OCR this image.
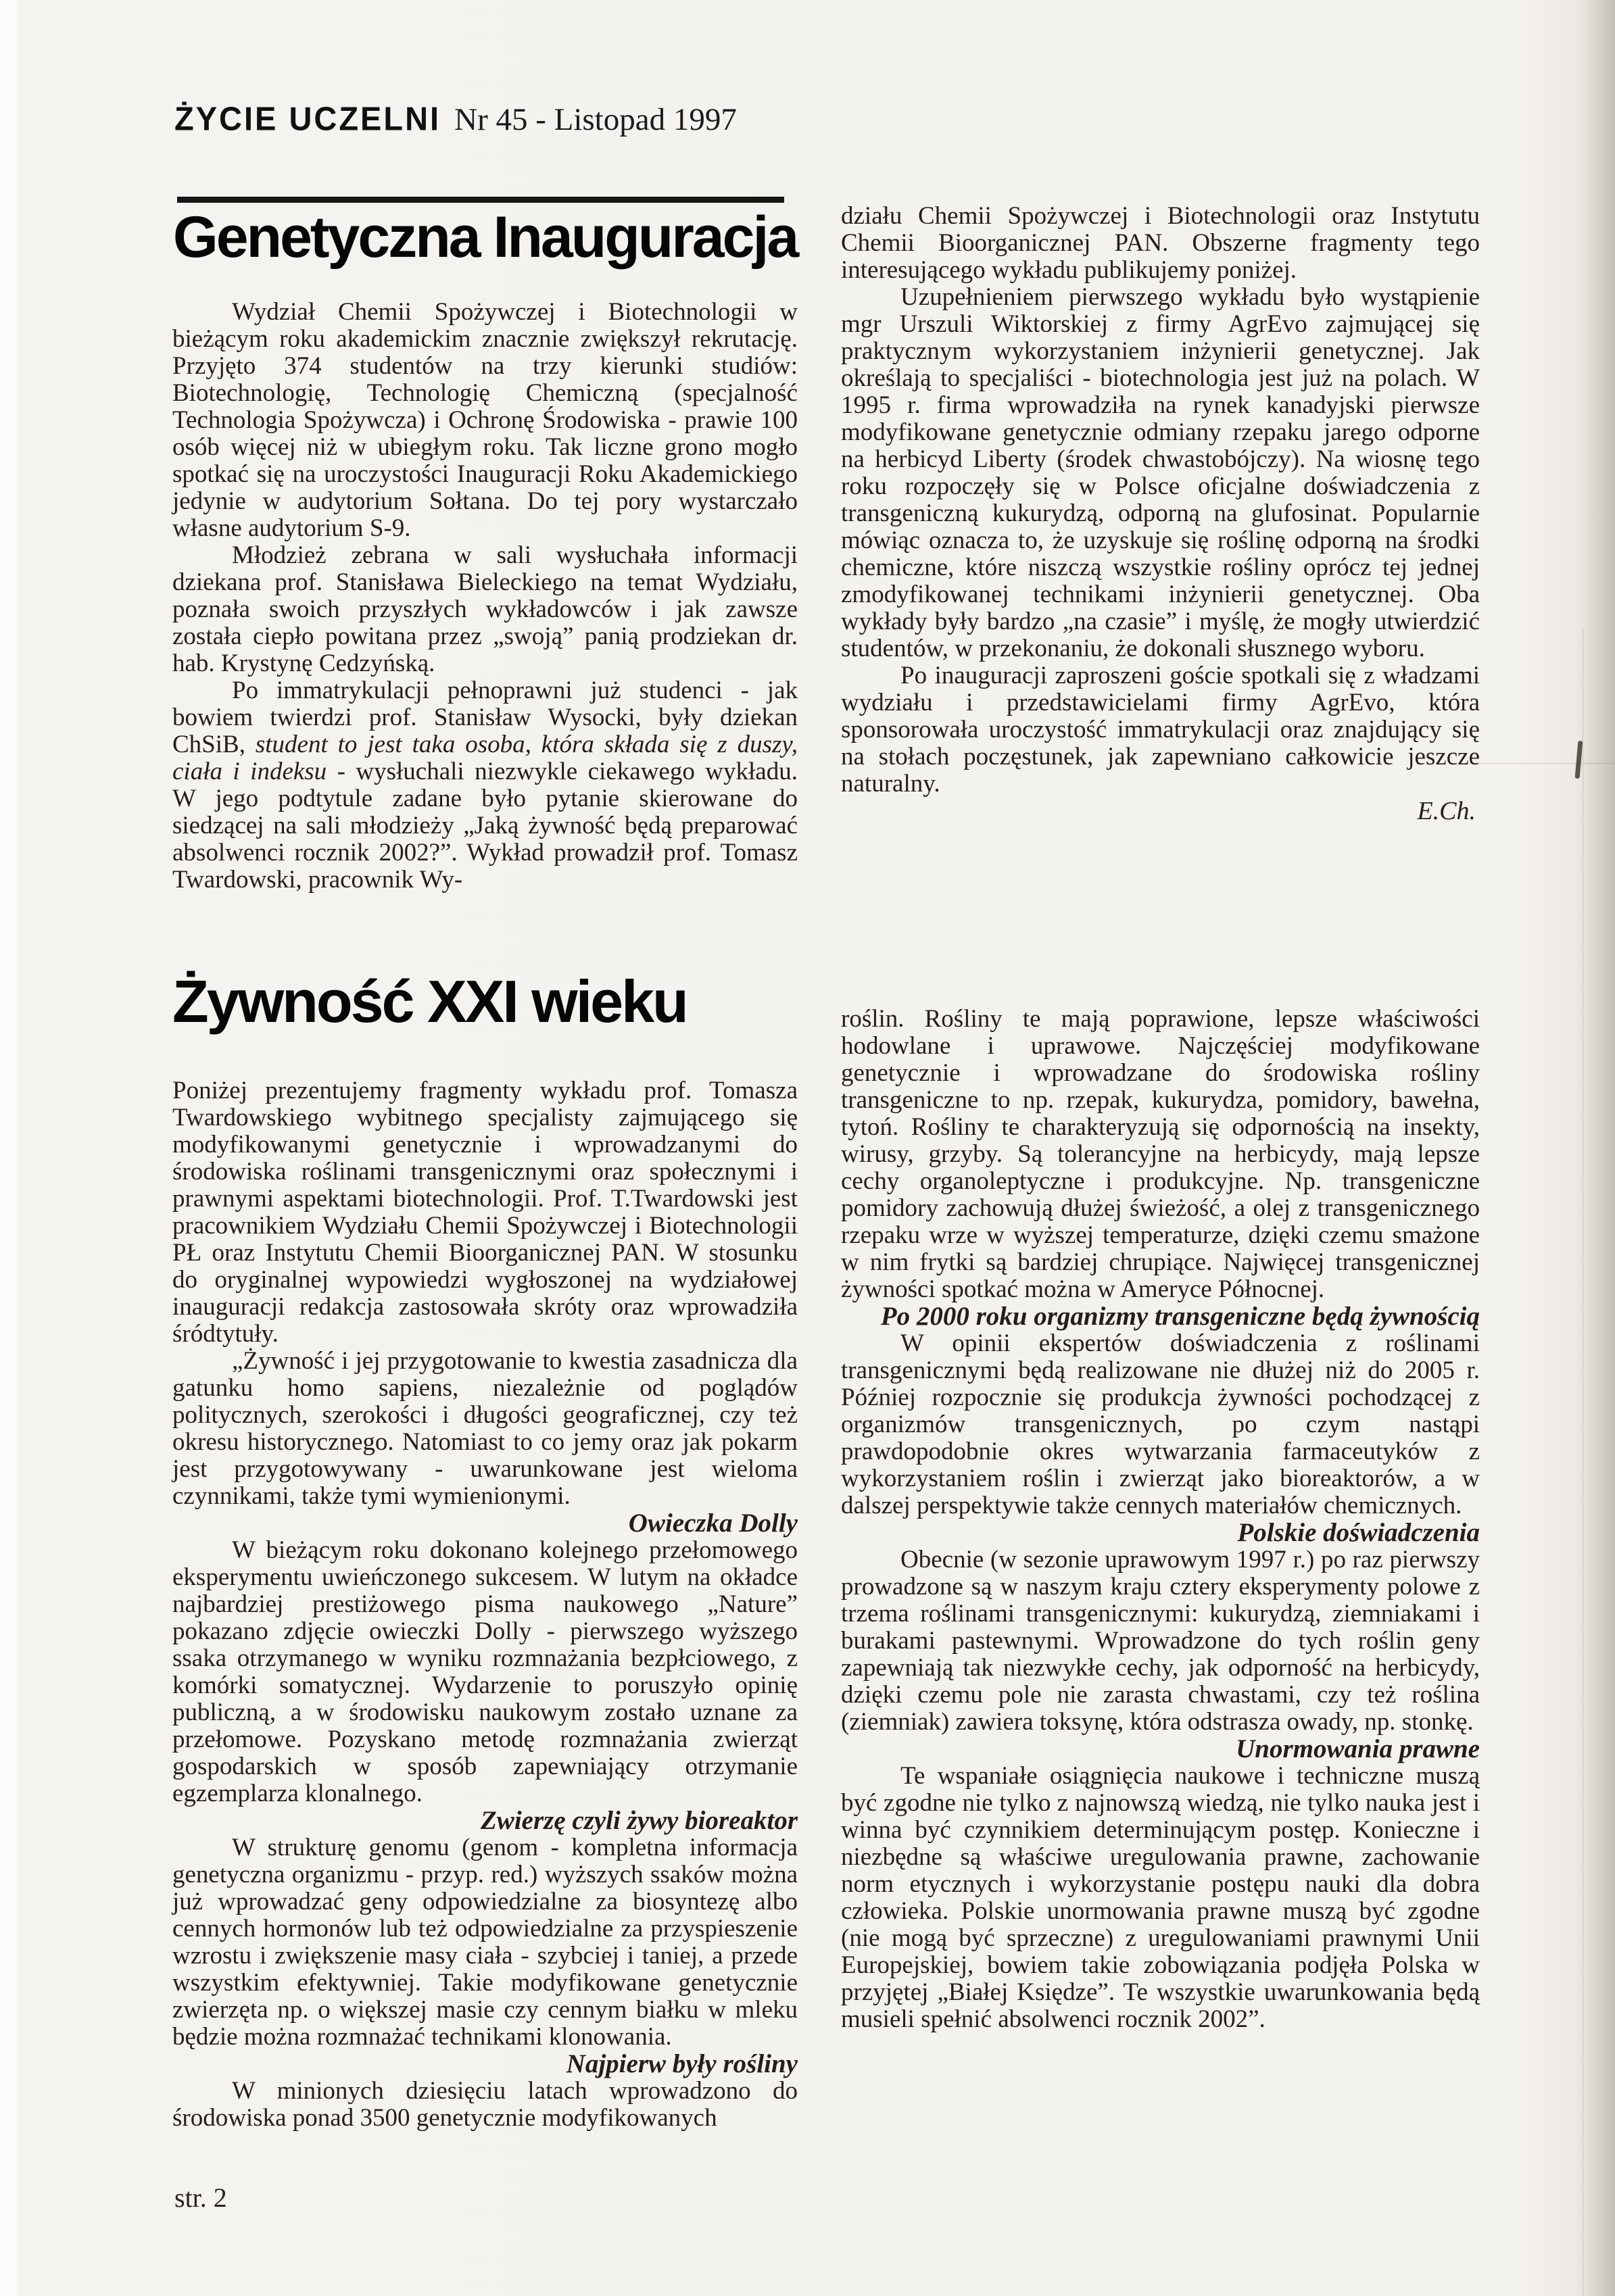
ŻYCIE UCZELNI Nr 45 - Listopad 1997
Genetyczna Inauguracja

Wydział Chemii Spożywczej i Biotechnologii w bieżącym roku akademickim znacznie zwiększył rekrutację. Przyjęto 374 studentów na trzy kierunki studiów: Biotechnologię, Technologię Chemiczną (specjalność Technologia Spożywcza) i Ochronę Środowiska - prawie 100 osób więcej niż w ubiegłym roku. Tak liczne grono mogło spotkać się na uroczystości Inauguracji Roku Akademickiego jedynie w audytorium Sołtana. Do tej pory wystarczało własne audytorium S-9.

Młodzież zebrana w sali wysłuchała informacji dziekana prof. Stanisława Bieleckiego na temat Wydziału, poznała swoich przyszłych wykładowców i jak zawsze została ciepło powitana przez „swoją” panią prodziekan dr. hab. Krystynę Cedzyńską.

Po immatrykulacji pełnoprawni już studenci - jak bowiem twierdzi prof. Stanisław Wysocki, były dziekan ChSiB, student to jest taka osoba, która składa się z duszy, ciała i indeksu - wysłuchali niezwykle ciekawego wykładu. W jego podtytule zadane było pytanie skierowane do siedzącej na sali młodzieży „Jaką żywność będą preparować absolwenci rocznik 2002?”. Wykład prowadził prof. Tomasz Twardowski, pracownik Wy-

działu Chemii Spożywczej i Biotechnologii oraz Instytutu Chemii Bioorganicznej PAN. Obszerne fragmenty tego interesującego wykładu publikujemy poniżej.

Uzupełnieniem pierwszego wykładu było wystąpienie mgr Urszuli Wiktorskiej z firmy AgrEvo zajmującej się praktycznym wykorzystaniem inżynierii genetycznej. Jak określają to specjaliści - biotechnologia jest już na polach. W 1995 r. firma wprowadziła na rynek kanadyjski pierwsze modyfikowane genetycznie odmiany rzepaku jarego odporne na herbicyd Liberty (środek chwastobójczy). Na wiosnę tego roku rozpoczęły się w Polsce oficjalne doświadczenia z transgeniczną kukurydzą, odporną na glufosinat. Popularnie mówiąc oznacza to, że uzyskuje się roślinę odporną na środki chemiczne, które niszczą wszystkie rośliny oprócz tej jednej zmodyfikowanej technikami inżynierii genetycznej. Oba wykłady były bardzo „na czasie” i myślę, że mogły utwierdzić studentów, w przekonaniu, że dokonali słusznego wyboru.

Po inauguracji zaproszeni goście spotkali się z władzami wydziału i przedstawicielami firmy AgrEvo, która sponsorowała uroczystość immatrykulacji oraz znajdujący się na stołach poczęstunek, jak zapewniano całkowicie jeszcze naturalny.

E.Ch.

Żywność XXI wieku

Poniżej prezentujemy fragmenty wykładu prof. Tomasza Twardowskiego wybitnego specjalisty zajmującego się modyfikowanymi genetycznie i wprowadzanymi do środowiska roślinami transgenicznymi oraz społecznymi i prawnymi aspektami biotechnologii. Prof. T.Twardowski jest pracownikiem Wydziału Chemii Spożywczej i Biotechnologii PŁ oraz Instytutu Chemii Bioorganicznej PAN. W stosunku do oryginalnej wypowiedzi wygłoszonej na wydziałowej inauguracji redakcja zastosowała skróty oraz wprowadziła śródtytuły.

„Żywność i jej przygotowanie to kwestia zasadnicza dla gatunku homo sapiens, niezależnie od poglądów politycznych, szerokości i długości geograficznej, czy też okresu historycznego. Natomiast to co jemy oraz jak pokarm jest przygotowywany - uwarunkowane jest wieloma czynnikami, także tymi wymienionymi.

Owieczka Dolly

W bieżącym roku dokonano kolejnego przełomowego eksperymentu uwieńczonego sukcesem. W lutym na okładce najbardziej prestiżowego pisma naukowego „Nature” pokazano zdjęcie owieczki Dolly - pierwszego wyższego ssaka otrzymanego w wyniku rozmnażania bezpłciowego, z komórki somatycznej. Wydarzenie to poruszyło opinię publiczną, a w środowisku naukowym zostało uznane za przełomowe. Pozyskano metodę rozmnażania zwierząt gospodarskich w sposób zapewniający otrzymanie egzemplarza klonalnego.

Zwierzę czyli żywy bioreaktor

W strukturę genomu (genom - kompletna informacja genetyczna organizmu - przyp. red.) wyższych ssaków można już wprowadzać geny odpowiedzialne za biosyntezę albo cennych hormonów lub też odpowiedzialne za przyspieszenie wzrostu i zwiększenie masy ciała - szybciej i taniej, a przede wszystkim efektywniej. Takie modyfikowane genetycznie zwierzęta np. o większej masie czy cennym białku w mleku będzie można rozmnażać technikami klonowania.

Najpierw były rośliny

W minionych dziesięciu latach wprowadzono do środowiska ponad 3500 genetycznie modyfikowanych

roślin. Rośliny te mają poprawione, lepsze właściwości hodowlane i uprawowe. Najczęściej modyfikowane genetycznie i wprowadzane do środowiska rośliny transgeniczne to np. rzepak, kukurydza, pomidory, bawełna, tytoń. Rośliny te charakteryzują się odpornością na insekty, wirusy, grzyby. Są tolerancyjne na herbicydy, mają lepsze cechy organoleptyczne i produkcyjne. Np. transgeniczne pomidory zachowują dłużej świeżość, a olej z transgenicznego rzepaku wrze w wyższej temperaturze, dzięki czemu smażone w nim frytki są bardziej chrupiące. Najwięcej transgenicznej żywności spotkać można w Ameryce Północnej.

Po 2000 roku organizmy transgeniczne będą żywnością

W opinii ekspertów doświadczenia z roślinami transgenicznymi będą realizowane nie dłużej niż do 2005 r. Później rozpocznie się produkcja żywności pochodzącej z organizmów transgenicznych, po czym nastąpi prawdopodobnie okres wytwarzania farmaceutyków z wykorzystaniem roślin i zwierząt jako bioreaktorów, a w dalszej perspektywie także cennych materiałów chemicznych.

Polskie doświadczenia

Obecnie (w sezonie uprawowym 1997 r.) po raz pierwszy prowadzone są w naszym kraju cztery eksperymenty polowe z trzema roślinami transgenicznymi: kukurydzą, ziemniakami i burakami pastewnymi. Wprowadzone do tych roślin geny zapewniają tak niezwykłe cechy, jak odporność na herbicydy, dzięki czemu pole nie zarasta chwastami, czy też roślina (ziemniak) zawiera toksynę, która odstrasza owady, np. stonkę.

Unormowania prawne

Te wspaniałe osiągnięcia naukowe i techniczne muszą być zgodne nie tylko z najnowszą wiedzą, nie tylko nauka jest i winna być czynnikiem determinującym postęp. Konieczne i niezbędne są właściwe uregulowania prawne, zachowanie norm etycznych i wykorzystanie postępu nauki dla dobra człowieka. Polskie unormowania prawne muszą być zgodne (nie mogą być sprzeczne) z uregulowaniami prawnymi Unii Europejskiej, bowiem takie zobowiązania podjęła Polska w przyjętej „Białej Księdze”. Te wszystkie uwarunkowania będą musieli spełnić absolwenci rocznik 2002”.

str. 2
